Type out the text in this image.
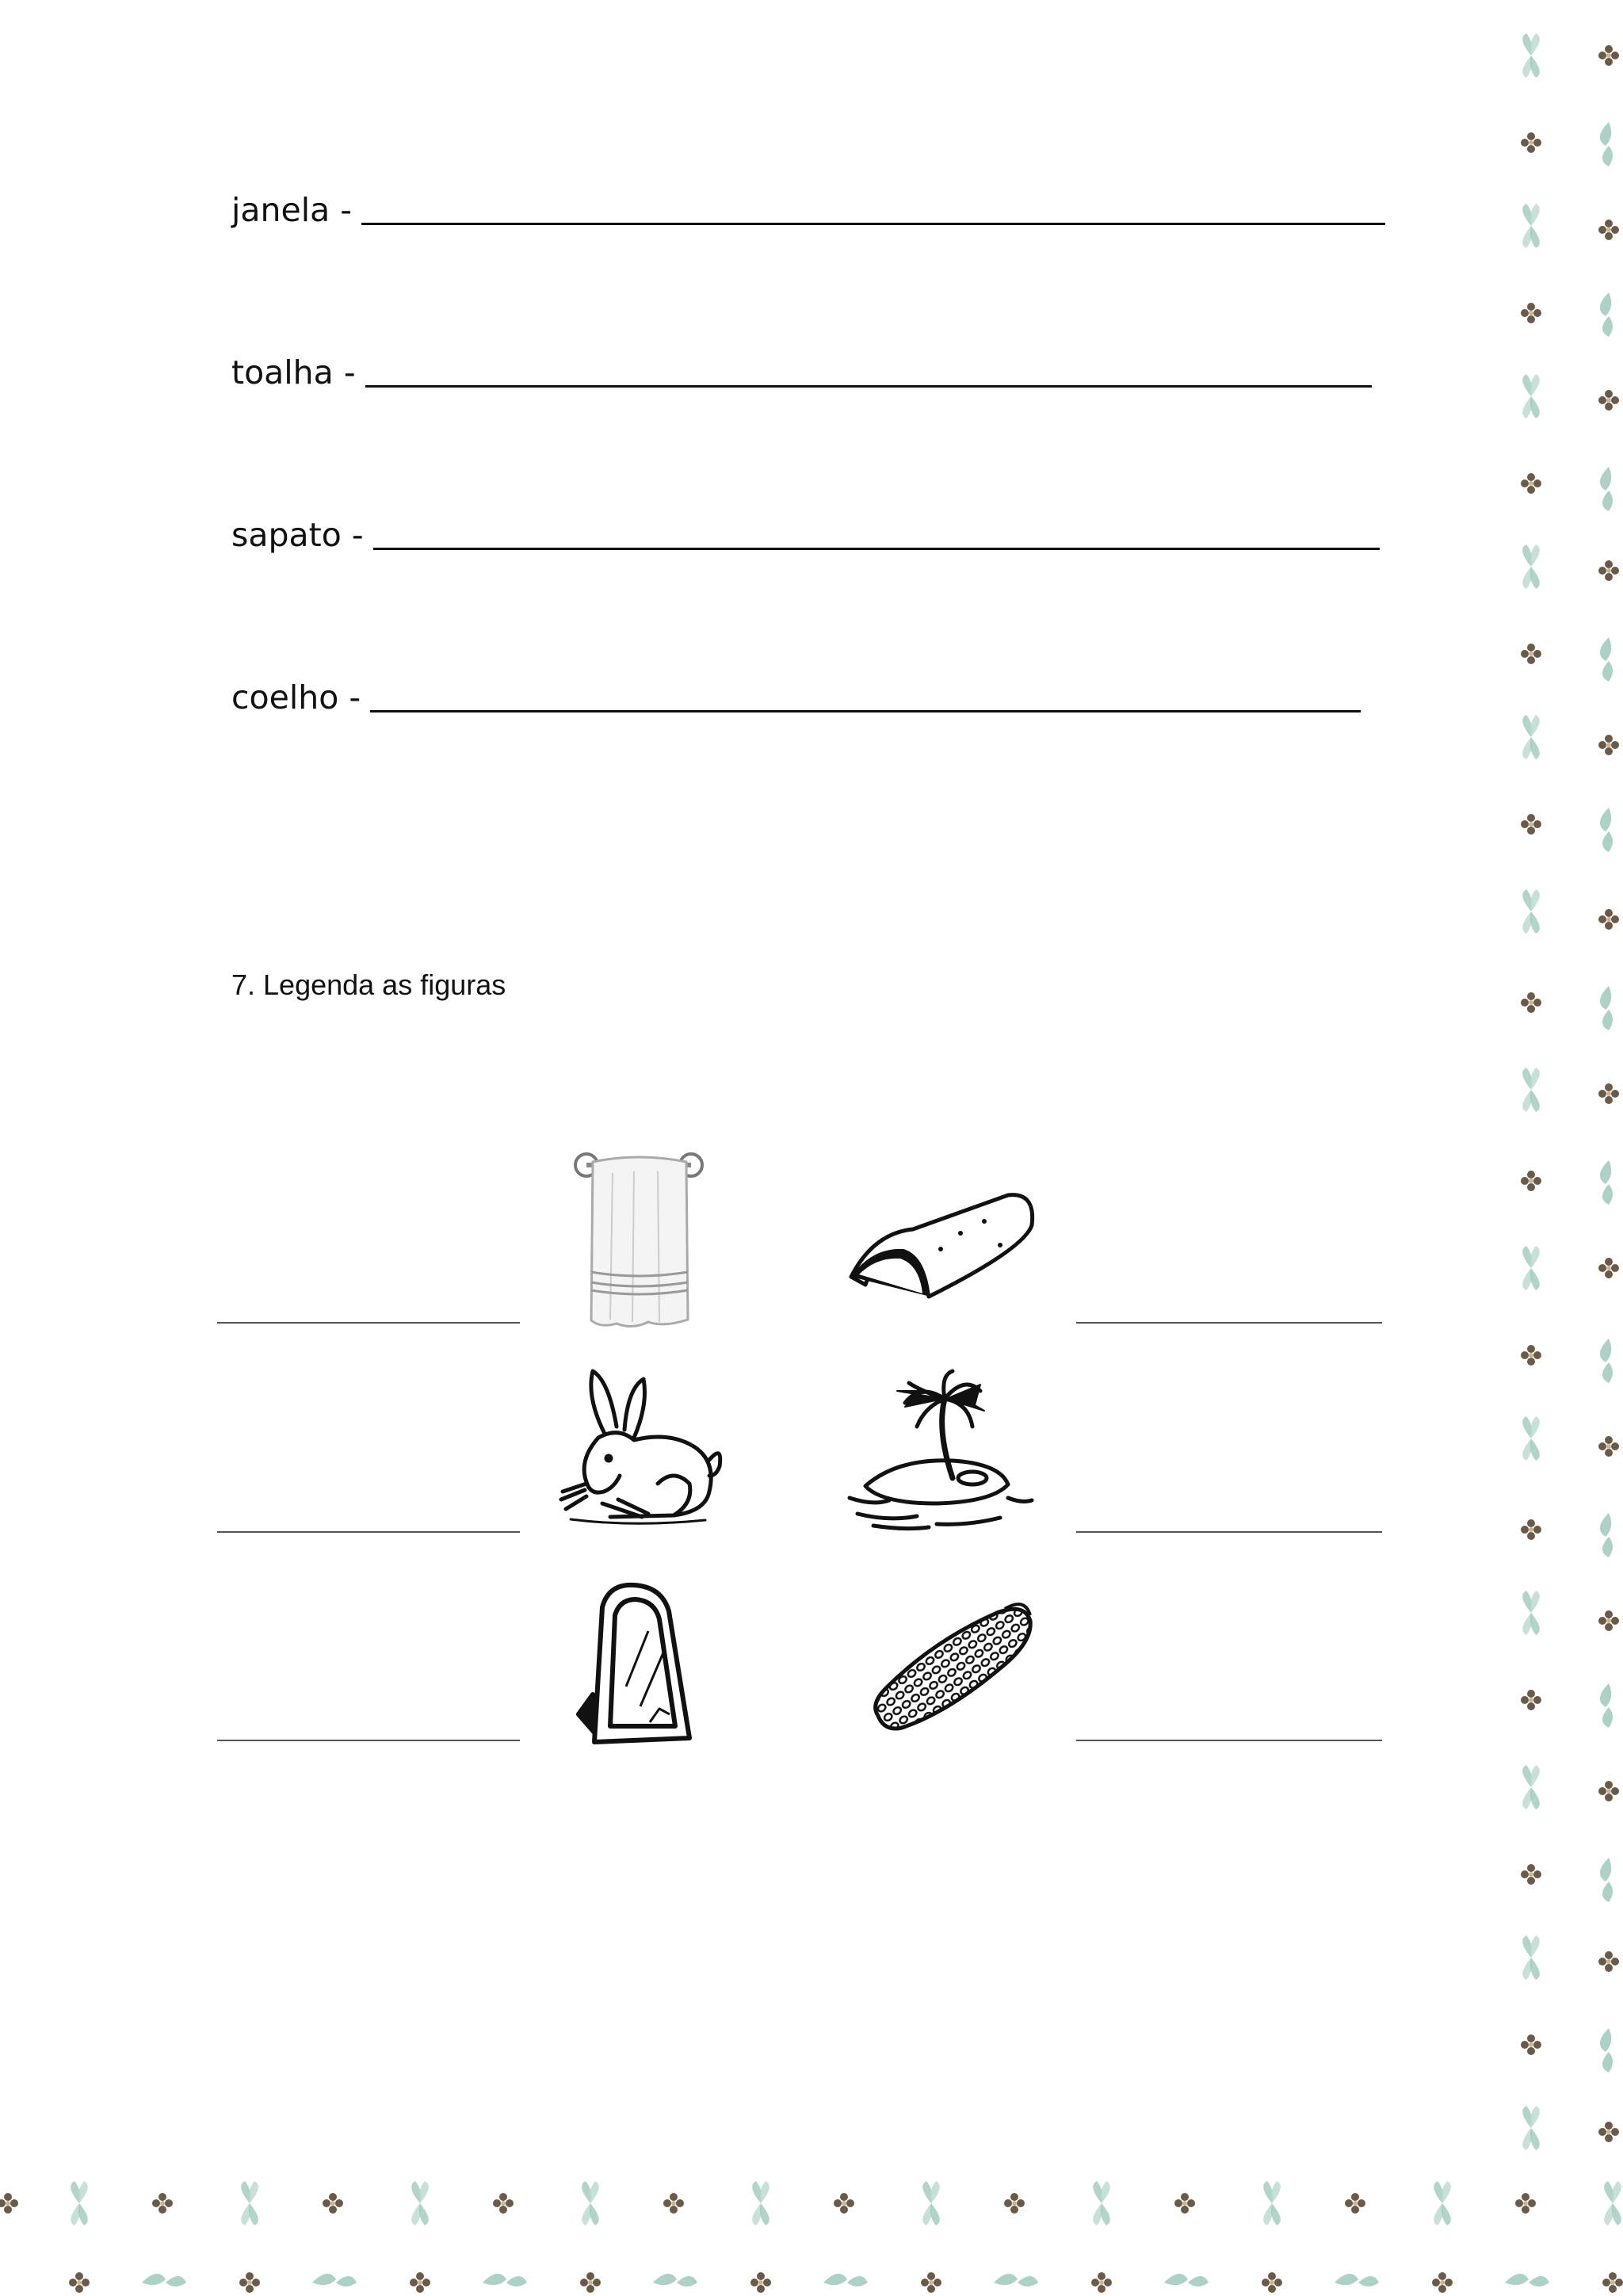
janela -
toalha -
sapato -
coelho -
7. Legenda as figuras
